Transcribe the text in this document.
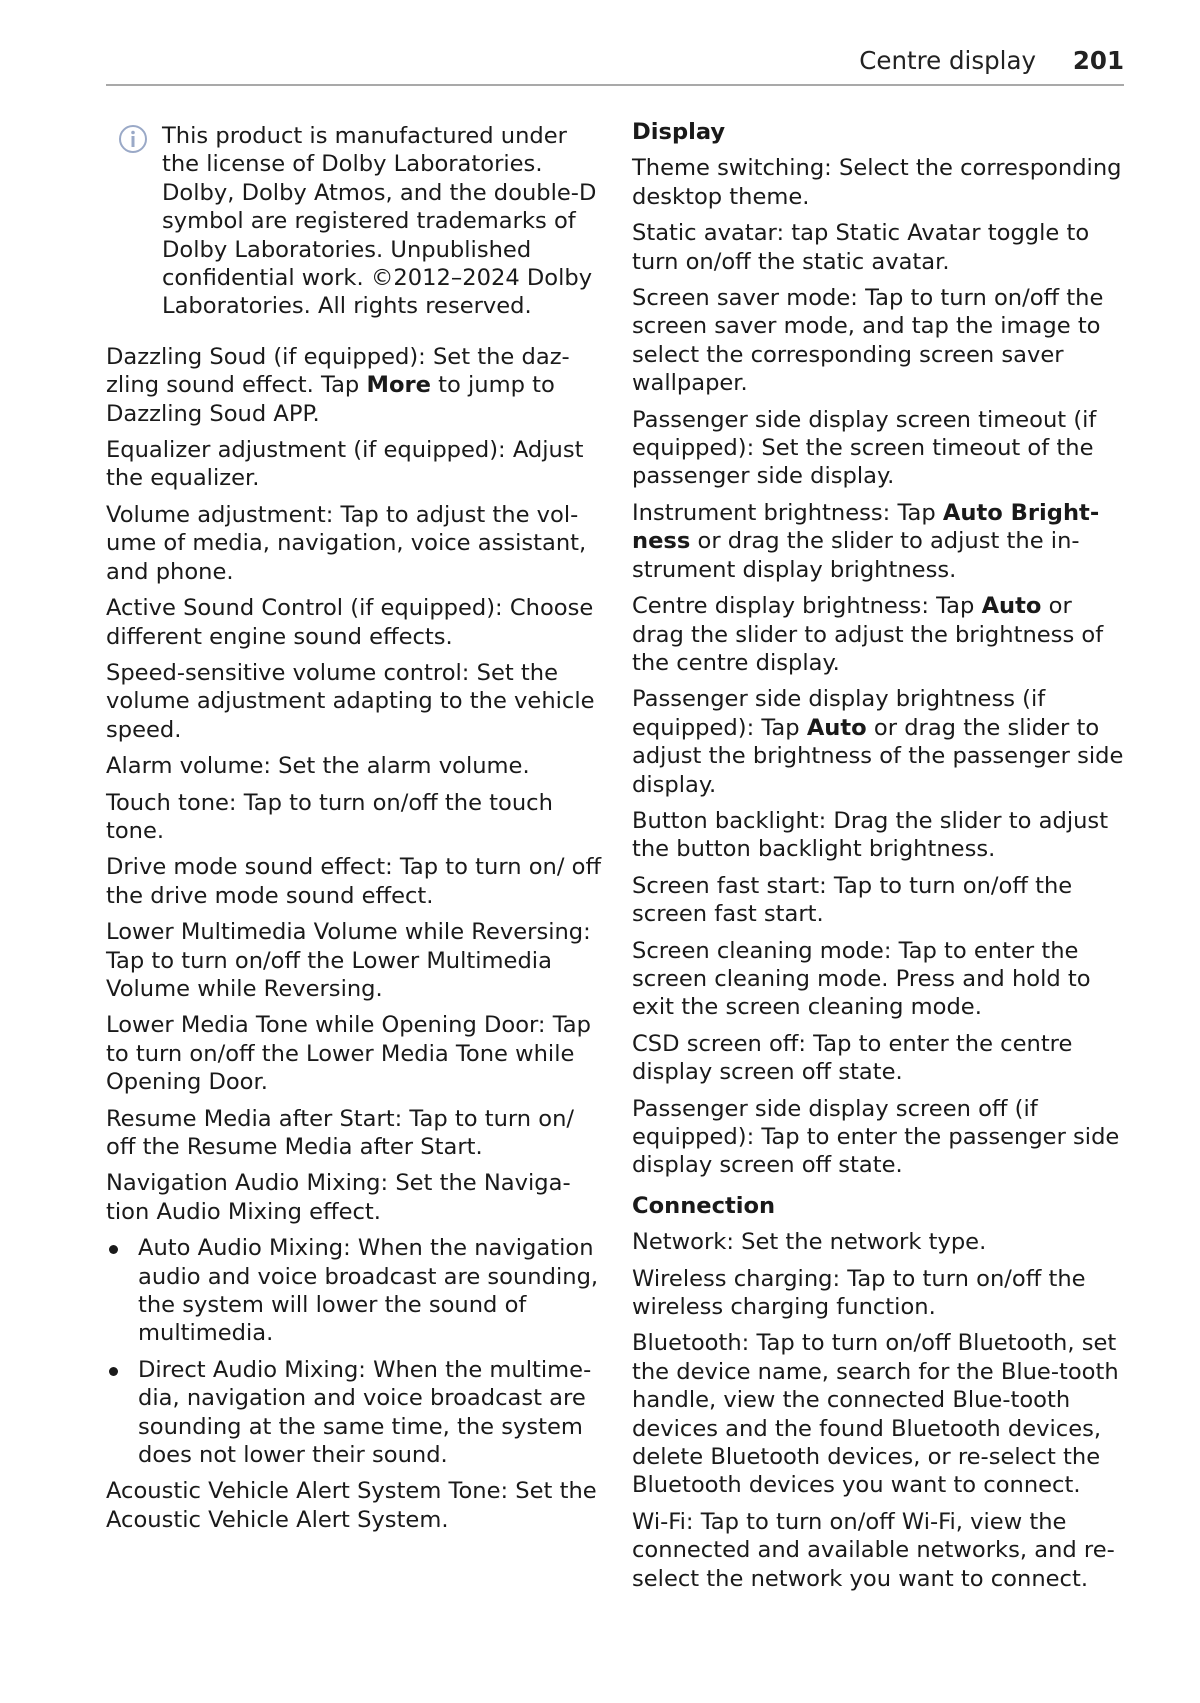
Centre display 201

This product is manufactured under the license of Dolby Laboratories. Dolby, Dolby Atmos, and the double-D symbol are registered trademarks of Dolby Laboratories. Unpublished confidential work. ©2012–2024 Dolby Laboratories. All rights reserved.

Dazzling Soud (if equipped): Set the daz-zling sound effect. Tap More to jump to Dazzling Soud APP.

Equalizer adjustment (if equipped): Adjust the equalizer.

Volume adjustment: Tap to adjust the vol-ume of media, navigation, voice assistant, and phone.

Active Sound Control (if equipped): Choose different engine sound effects.

Speed-sensitive volume control: Set the volume adjustment adapting to the vehicle speed.

Alarm volume: Set the alarm volume.

Touch tone: Tap to turn on/off the touch tone.

Drive mode sound effect: Tap to turn on/ off the drive mode sound effect.

Lower Multimedia Volume while Reversing: Tap to turn on/off the Lower Multimedia Volume while Reversing.

Lower Media Tone while Opening Door: Tap to turn on/off the Lower Media Tone while Opening Door.

Resume Media after Start: Tap to turn on/ off the Resume Media after Start.

Navigation Audio Mixing: Set the Naviga-tion Audio Mixing effect.

Auto Audio Mixing: When the navigation audio and voice broadcast are sounding, the system will lower the sound of multimedia.
Direct Audio Mixing: When the multime-dia, navigation and voice broadcast are sounding at the same time, the system does not lower their sound.

Acoustic Vehicle Alert System Tone: Set the Acoustic Vehicle Alert System.

Display

Theme switching: Select the corresponding desktop theme.

Static avatar: tap Static Avatar toggle to turn on/off the static avatar.

Screen saver mode: Tap to turn on/off the screen saver mode, and tap the image to select the corresponding screen saver wallpaper.

Passenger side display screen timeout (if equipped): Set the screen timeout of the passenger side display.

Instrument brightness: Tap Auto Bright-ness or drag the slider to adjust the in-strument display brightness.

Centre display brightness: Tap Auto or drag the slider to adjust the brightness of the centre display.

Passenger side display brightness (if equipped): Tap Auto or drag the slider to adjust the brightness of the passenger side display.

Button backlight: Drag the slider to adjust the button backlight brightness.

Screen fast start: Tap to turn on/off the screen fast start.

Screen cleaning mode: Tap to enter the screen cleaning mode. Press and hold to exit the screen cleaning mode.

CSD screen off: Tap to enter the centre display screen off state.

Passenger side display screen off (if equipped): Tap to enter the passenger side display screen off state.

Connection

Network: Set the network type.

Wireless charging: Tap to turn on/off the wireless charging function.

Bluetooth: Tap to turn on/off Bluetooth, set the device name, search for the Blue-tooth handle, view the connected Blue-tooth devices and the found Bluetooth devices, delete Bluetooth devices, or re-select the Bluetooth devices you want to connect.

Wi-Fi: Tap to turn on/off Wi-Fi, view the connected and available networks, and re-select the network you want to connect.
